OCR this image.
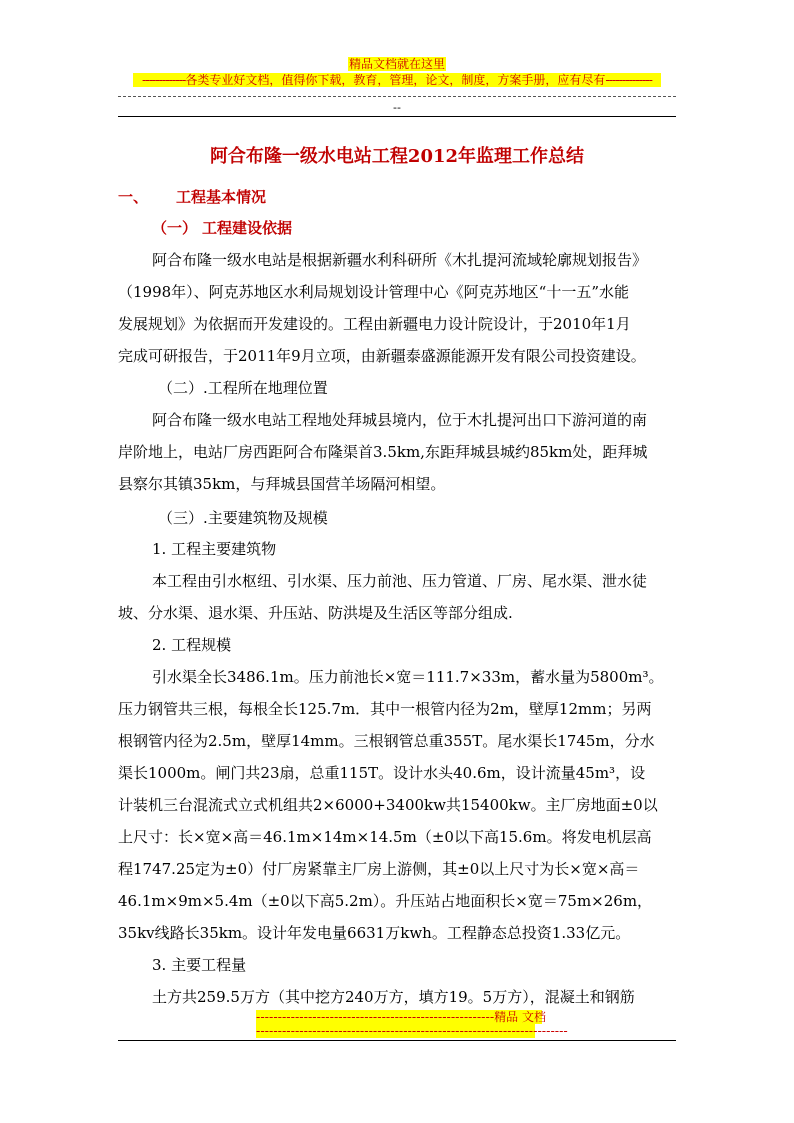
精品文档就在这里
-------------各类专业好文档，值得你下载，教育，管理，论文，制度，方案手册，应有尽有--------------
--
阿合布隆一级水电站工程2012年监理工作总结
一、 工程基本情况
（一） 工程建设依据
阿合布隆一级水电站是根据新疆水利科研所《木扎提河流域轮廓规划报告》
（1998年）、阿克苏地区水利局规划设计管理中心《阿克苏地区“十一五”水能
发展规划》为依据而开发建设的。工程由新疆电力设计院设计，于2010年1月
完成可研报告，于2011年9月立项，由新疆泰盛源能源开发有限公司投资建设。
（二）.工程所在地理位置
阿合布隆一级水电站工程地处拜城县境内，位于木扎提河出口下游河道的南
岸阶地上，电站厂房西距阿合布隆渠首3.5km,东距拜城县城约85km处，距拜城
县察尔其镇35km，与拜城县国营羊场隔河相望。
（三）.主要建筑物及规模
1. 工程主要建筑物
本工程由引水枢纽、引水渠、压力前池、压力管道、厂房、尾水渠、泄水徒
坡、分水渠、退水渠、升压站、防洪堤及生活区等部分组成.
2. 工程规模
引水渠全长3486.1m。压力前池长×宽＝111.7×33m，蓄水量为5800m³。
压力钢管共三根，每根全长125.7m．其中一根管内径为2m，壁厚12mm；另两
根钢管内径为2.5m，壁厚14mm。三根钢管总重355T。尾水渠长1745m，分水
渠长1000m。闸门共23扇，总重115T。设计水头40.6m，设计流量45m³，设
计装机三台混流式立式机组共2×6000+3400kw共15400kw。主厂房地面±0以
上尺寸：长×宽×高＝46.1m×14m×14.5m（±0以下高15.6m。将发电机层高
程1747.25定为±0）付厂房紧靠主厂房上游侧，其±0以上尺寸为长×宽×高＝
46.1m×9m×5.4m（±0以下高5.2m）。升压站占地面积长×宽＝75m×26m，
35kv线路长35km。设计年发电量6631万kwh。工程静态总投资1.33亿元。
3. 主要工程量
土方共259.5万方（其中挖方240万方，填方19。5万方），混凝土和钢筋
-------------------------------------------------------精品 文档
------------------------------------------------------------------------
